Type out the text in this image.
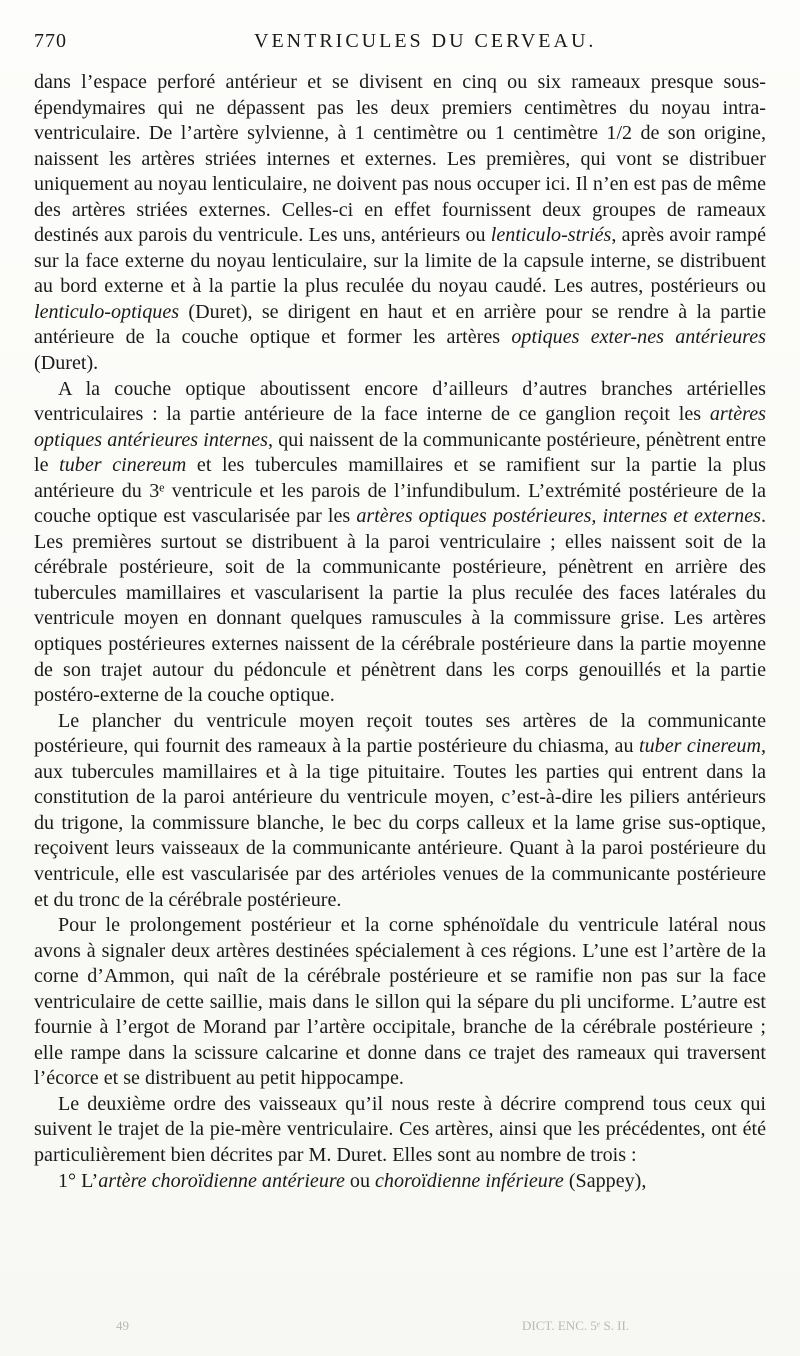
770	VENTRICULES DU CERVEAU.

dans l’espace perforé antérieur et se divisent en cinq ou six rameaux presque sous-épendymaires qui ne dépassent pas les deux premiers centimètres du noyau intra-ventriculaire. De l’artère sylvienne, à 1 centimètre ou 1 centimètre 1/2 de son origine, naissent les artères striées internes et externes. Les premières, qui vont se distribuer uniquement au noyau lenticulaire, ne doivent pas nous occuper ici. Il n’en est pas de même des artères striées externes. Celles-ci en effet fournissent deux groupes de rameaux destinés aux parois du ventricule. Les uns, antérieurs ou lenticulo-striés, après avoir rampé sur la face externe du noyau lenticulaire, sur la limite de la capsule interne, se distribuent au bord externe et à la partie la plus reculée du noyau caudé. Les autres, postérieurs ou lenticulo-optiques (Duret), se dirigent en haut et en arrière pour se rendre à la partie antérieure de la couche optique et former les artères optiques exter-nes antérieures (Duret).

A la couche optique aboutissent encore d’ailleurs d’autres branches artérielles ventriculaires : la partie antérieure de la face interne de ce ganglion reçoit les artères optiques antérieures internes, qui naissent de la communicante postérieure, pénètrent entre le tuber cinereum et les tubercules mamillaires et se ramifient sur la partie la plus antérieure du 3ᵉ ventricule et les parois de l’infundibulum. L’extrémité postérieure de la couche optique est vascularisée par les artères optiques postérieures, internes et externes. Les premières surtout se distribuent à la paroi ventriculaire ; elles naissent soit de la cérébrale postérieure, soit de la communicante postérieure, pénètrent en arrière des tubercules mamillaires et vascularisent la partie la plus reculée des faces latérales du ventricule moyen en donnant quelques ramuscules à la commissure grise. Les artères optiques postérieures externes naissent de la cérébrale postérieure dans la partie moyenne de son trajet autour du pédoncule et pénètrent dans les corps genouillés et la partie postéro-externe de la couche optique.

Le plancher du ventricule moyen reçoit toutes ses artères de la communicante postérieure, qui fournit des rameaux à la partie postérieure du chiasma, au tuber cinereum, aux tubercules mamillaires et à la tige pituitaire. Toutes les parties qui entrent dans la constitution de la paroi antérieure du ventricule moyen, c’est-à-dire les piliers antérieurs du trigone, la commissure blanche, le bec du corps calleux et la lame grise sus-optique, reçoivent leurs vaisseaux de la communicante antérieure. Quant à la paroi postérieure du ventricule, elle est vascularisée par des artérioles venues de la communicante postérieure et du tronc de la cérébrale postérieure.

Pour le prolongement postérieur et la corne sphénoïdale du ventricule latéral nous avons à signaler deux artères destinées spécialement à ces régions. L’une est l’artère de la corne d’Ammon, qui naît de la cérébrale postérieure et se ramifie non pas sur la face ventriculaire de cette saillie, mais dans le sillon qui la sépare du pli unciforme. L’autre est fournie à l’ergot de Morand par l’artère occipitale, branche de la cérébrale postérieure ; elle rampe dans la scissure calcarine et donne dans ce trajet des rameaux qui traversent l’écorce et se distribuent au petit hippocampe.

Le deuxième ordre des vaisseaux qu’il nous reste à décrire comprend tous ceux qui suivent le trajet de la pie-mère ventriculaire. Ces artères, ainsi que les précédentes, ont été particulièrement bien décrites par M. Duret. Elles sont au nombre de trois :

1° L’artère choroïdienne antérieure ou choroïdienne inférieure (Sappey),

49	DICT. ENC. 5ᵉ S. II.
